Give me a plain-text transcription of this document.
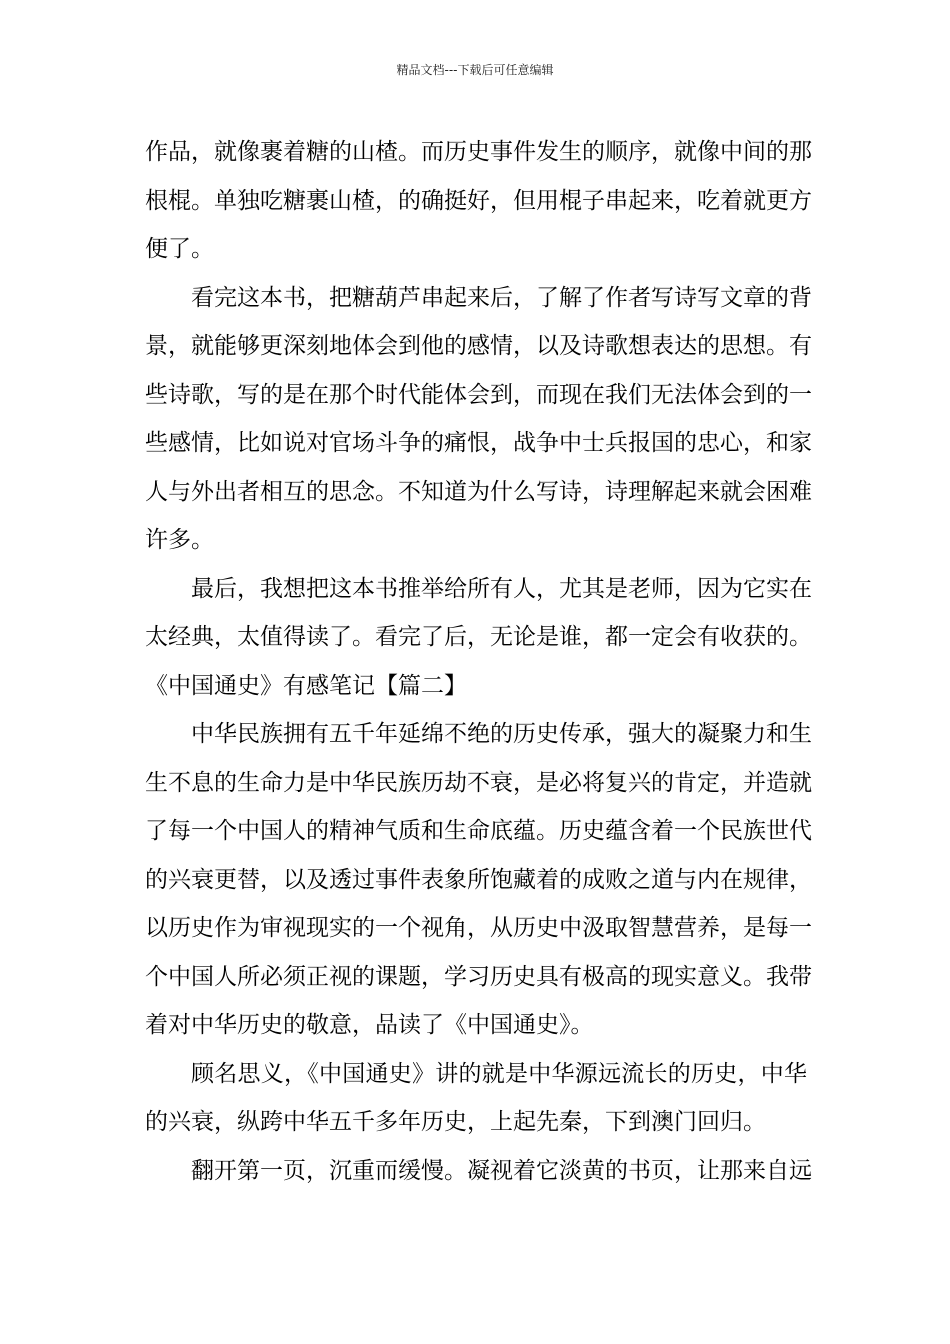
精品文档---下载后可任意编辑
作品，就像裹着糖的山楂。而历史事件发生的顺序，就像中间的那
根棍。单独吃糖裹山楂，的确挺好，但用棍子串起来，吃着就更方
便了。
看完这本书，把糖葫芦串起来后，了解了作者写诗写文章的背
景，就能够更深刻地体会到他的感情，以及诗歌想表达的思想。有
些诗歌，写的是在那个时代能体会到，而现在我们无法体会到的一
些感情，比如说对官场斗争的痛恨，战争中士兵报国的忠心，和家
人与外出者相互的思念。不知道为什么写诗，诗理解起来就会困难
许多。
最后，我想把这本书推举给所有人，尤其是老师，因为它实在
太经典，太值得读了。看完了后，无论是谁，都一定会有收获的。
《中国通史》有感笔记【篇二】
中华民族拥有五千年延绵不绝的历史传承，强大的凝聚力和生
生不息的生命力是中华民族历劫不衰，是必将复兴的肯定，并造就
了每一个中国人的精神气质和生命底蕴。历史蕴含着一个民族世代
的兴衰更替，以及透过事件表象所饱藏着的成败之道与内在规律，
以历史作为审视现实的一个视角，从历史中汲取智慧营养，是每一
个中国人所必须正视的课题，学习历史具有极高的现实意义。我带
着对中华历史的敬意，品读了《中国通史》。
顾名思义，《中国通史》讲的就是中华源远流长的历史，中华
的兴衰，纵跨中华五千多年历史，上起先秦，下到澳门回归。
翻开第一页，沉重而缓慢。凝视着它淡黄的书页，让那来自远
